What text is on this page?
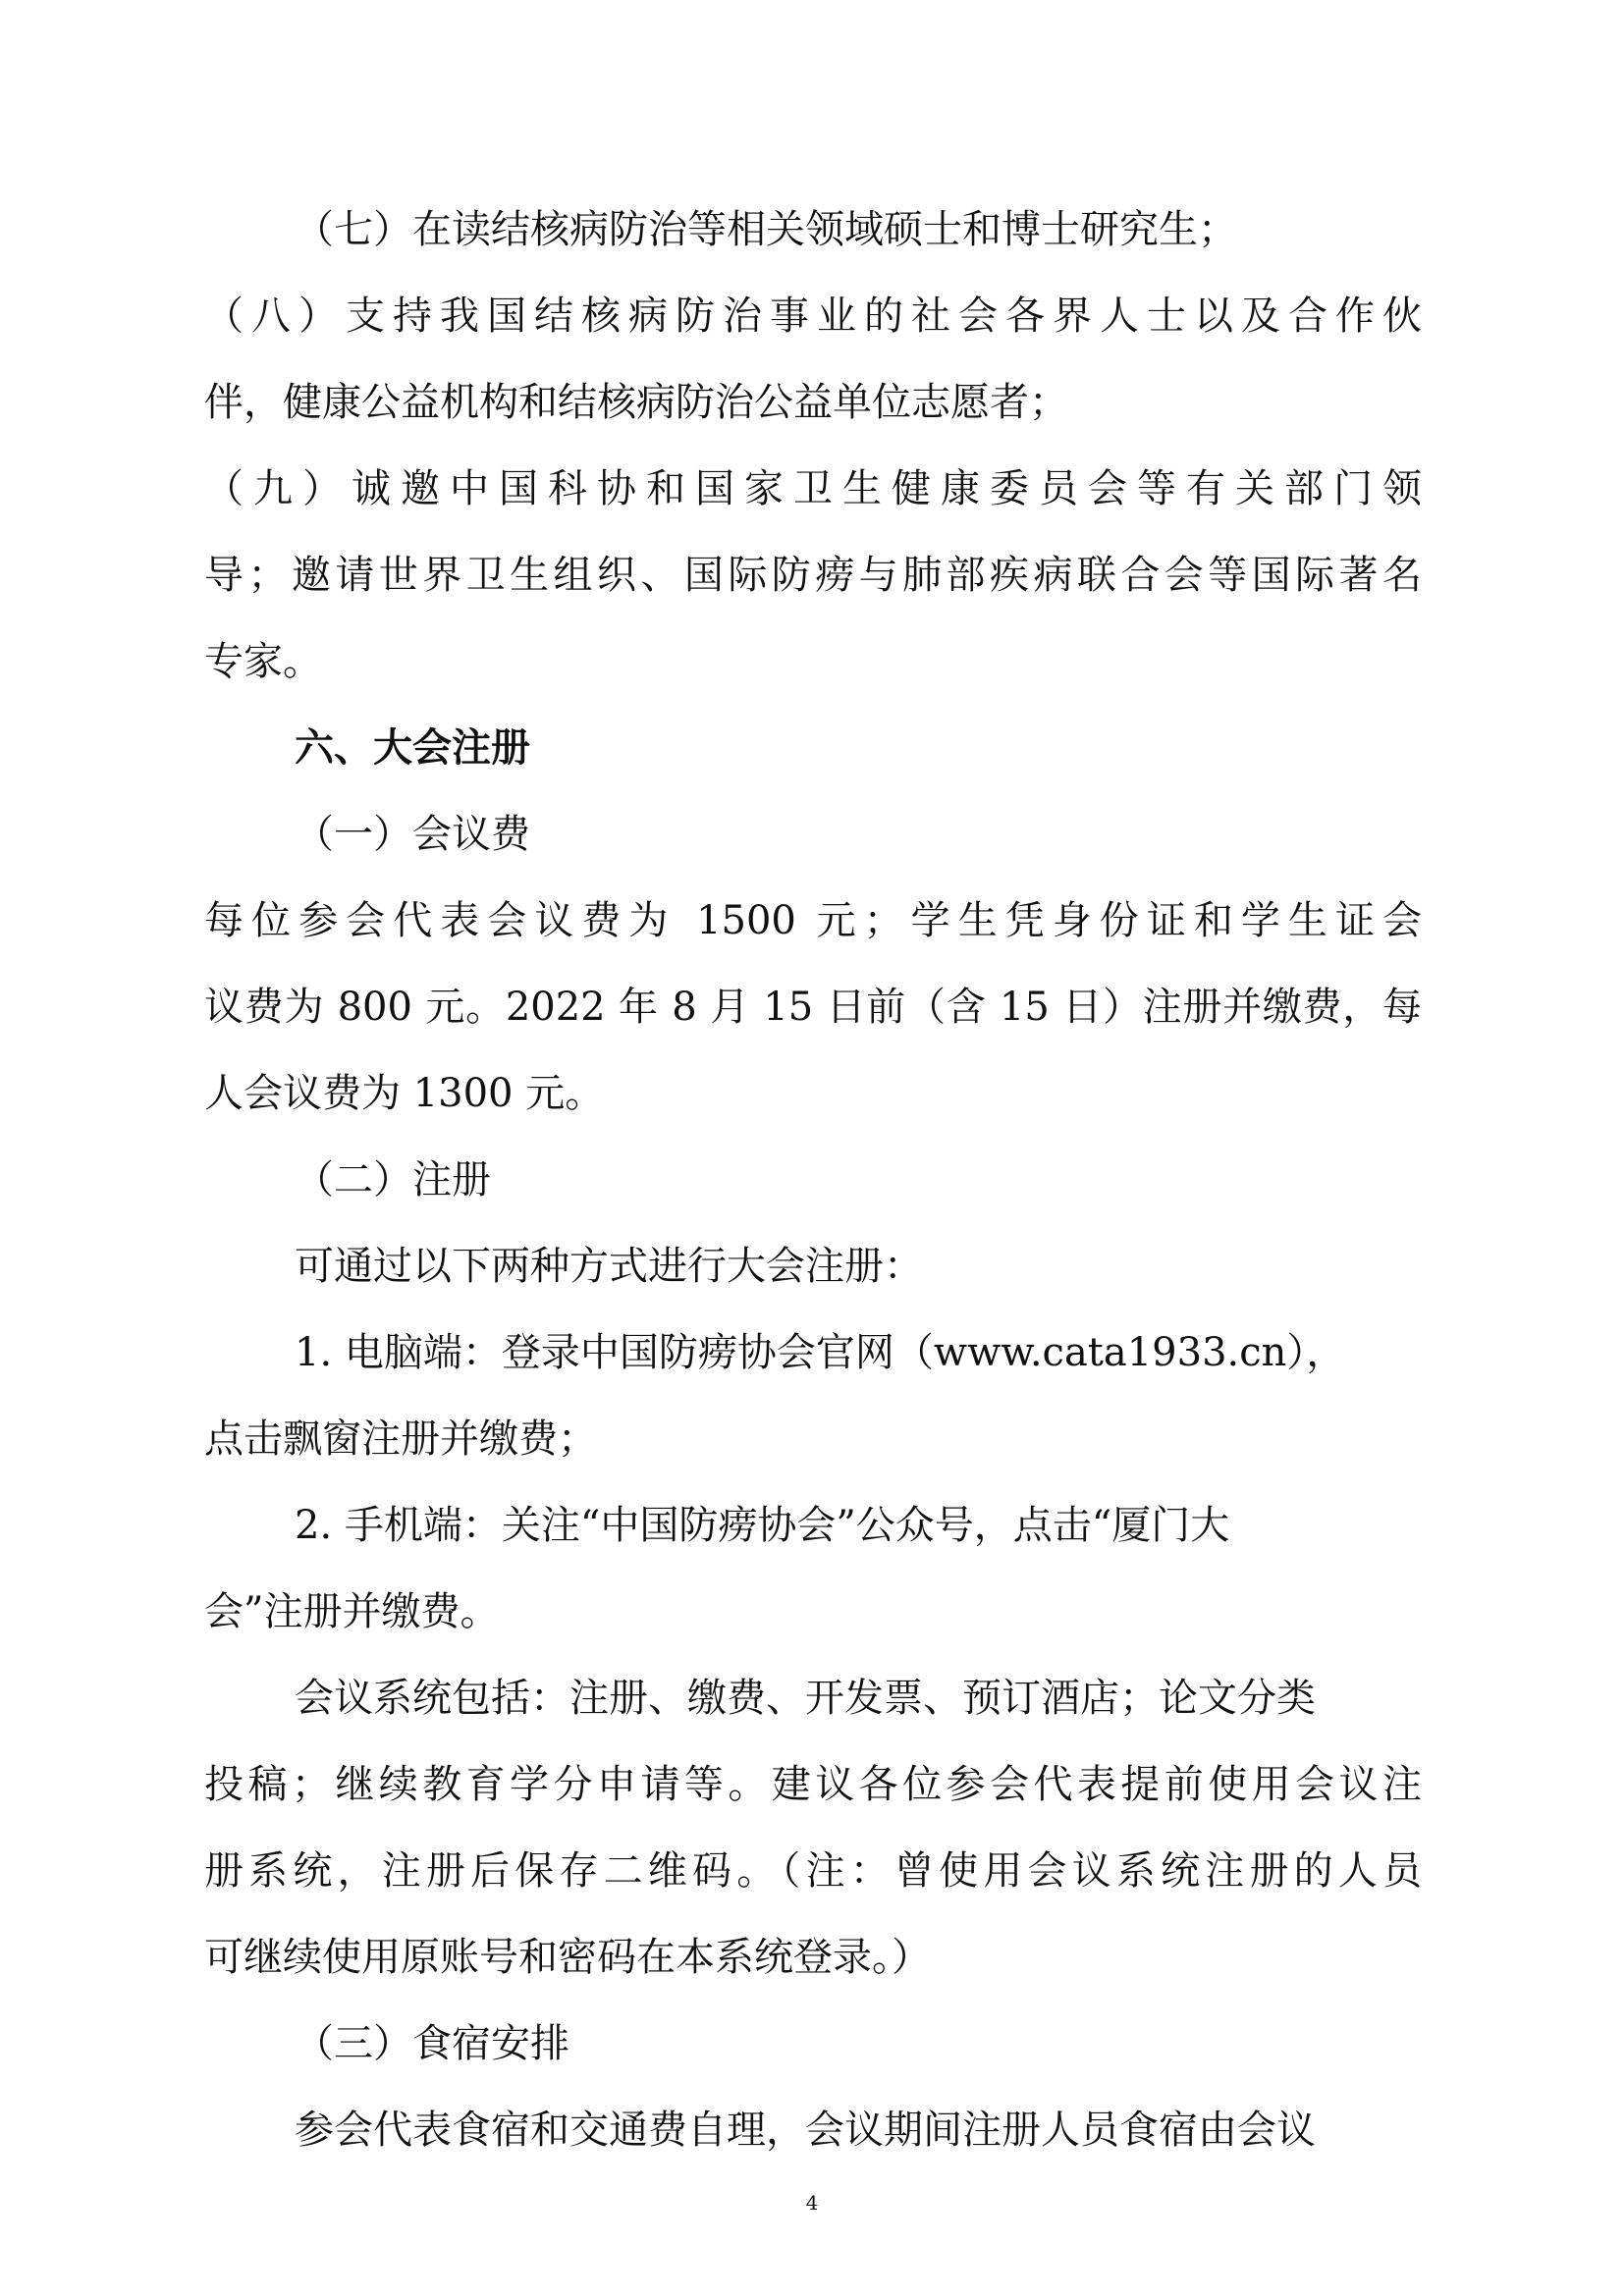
（七）在读结核病防治等相关领域硕士和博士研究生；

（八）支持我国结核病防治事业的社会各界人士以及合作伙

伴，健康公益机构和结核病防治公益单位志愿者；

（九）诚邀中国科协和国家卫生健康委员会等有关部门领

导；邀请世界卫生组织、国际防痨与肺部疾病联合会等国际著名

专家。

六、大会注册

（一）会议费

每位参会代表会议费为 1500 元；学生凭身份证和学生证会

议费为 800 元。2022 年 8 月 15 日前（含 15 日）注册并缴费，每

人会议费为 1300 元。

（二）注册

可通过以下两种方式进行大会注册：

1. 电脑端：登录中国防痨协会官网（www.cata1933.cn），

点击飘窗注册并缴费；

2. 手机端：关注“中国防痨协会”公众号，点击“厦门大

会”注册并缴费。

会议系统包括：注册、缴费、开发票、预订酒店；论文分类

投稿；继续教育学分申请等。建议各位参会代表提前使用会议注

册系统，注册后保存二维码。（注：曾使用会议系统注册的人员

可继续使用原账号和密码在本系统登录。）

（三）食宿安排

参会代表食宿和交通费自理，会议期间注册人员食宿由会议

4
